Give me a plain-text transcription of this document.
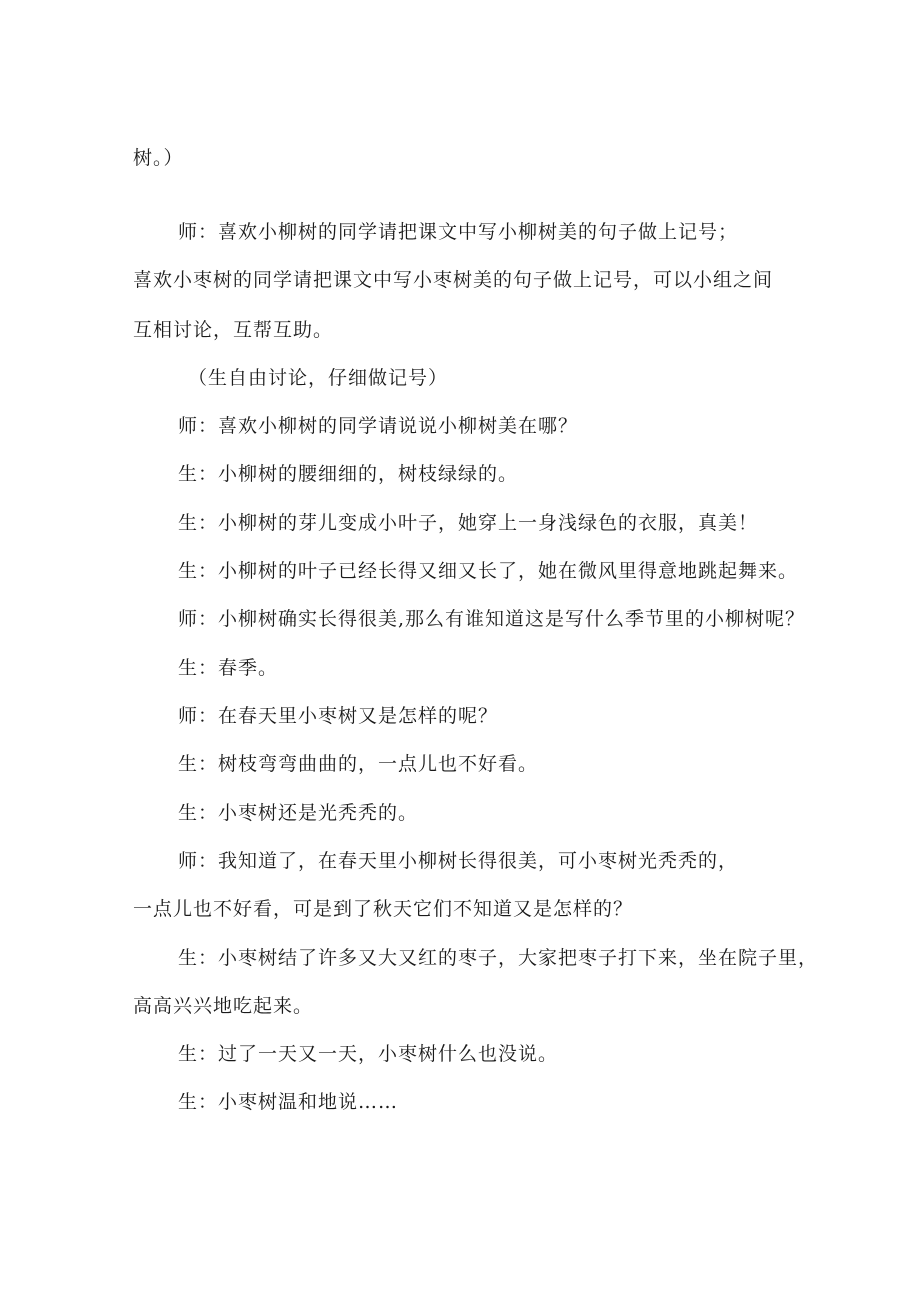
树。）
师：喜欢小柳树的同学请把课文中写小柳树美的句子做上记号；
喜欢小枣树的同学请把课文中写小枣树美的句子做上记号，可以小组之间
互相讨论，互帮互助。
（生自由讨论，仔细做记号）
师：喜欢小柳树的同学请说说小柳树美在哪？
生：小柳树的腰细细的，树枝绿绿的。
生：小柳树的芽儿变成小叶子，她穿上一身浅绿色的衣服，真美！
生：小柳树的叶子已经长得又细又长了，她在微风里得意地跳起舞来。
师：小柳树确实长得很美,那么有谁知道这是写什么季节里的小柳树呢？
生：春季。
师：在春天里小枣树又是怎样的呢？
生：树枝弯弯曲曲的，一点儿也不好看。
生：小枣树还是光秃秃的。
师：我知道了，在春天里小柳树长得很美，可小枣树光秃秃的，
一点儿也不好看，可是到了秋天它们不知道又是怎样的？
生：小枣树结了许多又大又红的枣子，大家把枣子打下来，坐在院子里，
高高兴兴地吃起来。
生：过了一天又一天，小枣树什么也没说。
生：小枣树温和地说……
